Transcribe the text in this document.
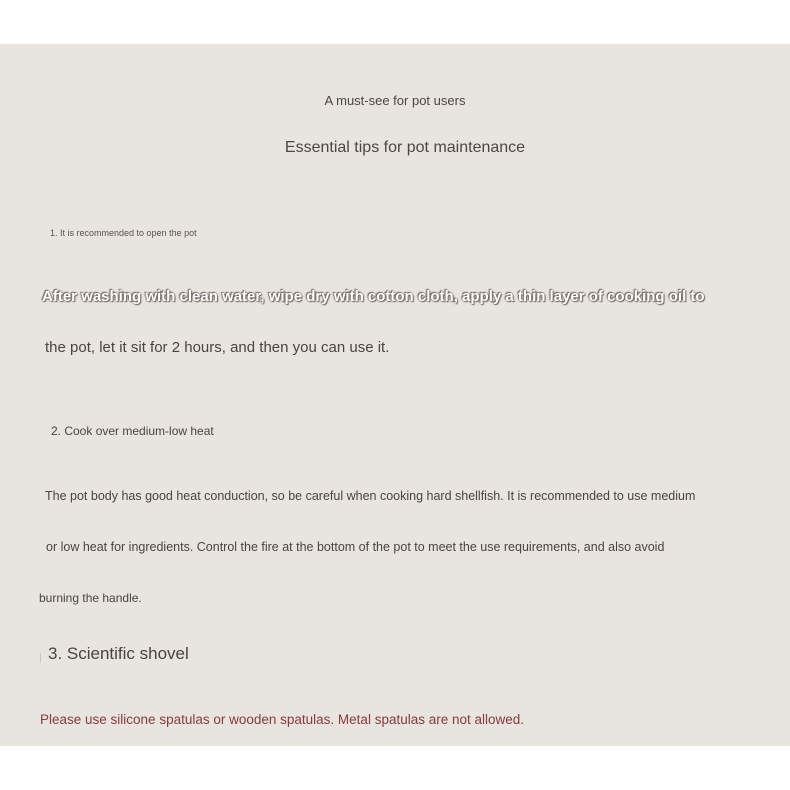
A must-see for pot users
Essential tips for pot maintenance
1. It is recommended to open the pot
After washing with clean water, wipe dry with cotton cloth, apply a thin layer of cooking oil to
the pot, let it sit for 2 hours, and then you can use it.
2. Cook over medium-low heat
The pot body has good heat conduction, so be careful when cooking hard shellfish. It is recommended to use medium
or low heat for ingredients. Control the fire at the bottom of the pot to meet the use requirements, and also avoid
burning the handle.
3. Scientific shovel
Please use silicone spatulas or wooden spatulas. Metal spatulas are not allowed.
